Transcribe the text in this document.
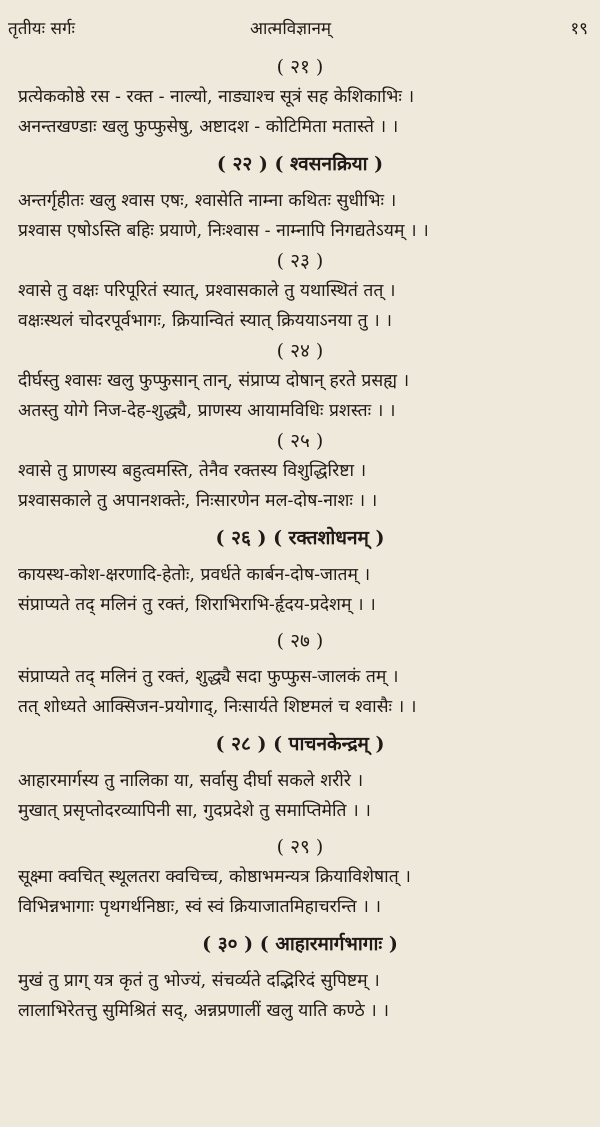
तृतीयः सर्गः	आत्मविज्ञानम्	१९
( २१ )
प्रत्येककोष्ठे रस - रक्त - नाल्यो, नाड्याश्च सूत्रं सह केशिकाभिः ।
अनन्तखण्डाः खलु फुप्फुसेषु, अष्टादश - कोटिमिता मतास्ते । ।
( २२ ) ( श्वसनक्रिया )
अन्तर्गृहीतः खलु श्वास एषः, श्वासेति नाम्ना कथितः सुधीभिः ।
प्रश्वास एषोऽस्ति बहिः प्रयाणे, निःश्वास - नाम्नापि निगद्यतेऽयम् । ।
( २३ )
श्वासे तु वक्षः परिपूरितं स्यात्, प्रश्वासकाले तु यथास्थितं तत् ।
वक्षःस्थलं चोदरपूर्वभागः, क्रियान्वितं स्यात् क्रियया‌ऽनया तु । ।
( २४ )
दीर्घस्तु श्वासः खलु फुप्फुसान् तान्, संप्राप्य दोषान् हरते प्रसह्य ।
अतस्तु योगे निज-देह-शुद्ध्यै, प्राणस्य आयामविधिः प्रशस्तः । ।
( २५ )
श्वासे तु प्राणस्य बहुत्वमस्ति, तेनैव रक्तस्य विशुद्धिरिष्टा ।
प्रश्वासकाले तु अपानशक्तेः, निःसारणेन मल-दोष-नाशः । ।
( २६ ) ( रक्तशोधनम् )
कायस्थ-कोश-क्षरणादि-हेतोः, प्रवर्धते कार्बन-दोष-जातम् ।
संप्राप्यते तद् मलिनं तु रक्तं, शिराभिराभि-र्हृदय-प्रदेशम् । ।
( २७ )
संप्राप्यते तद् मलिनं तु रक्तं, शुद्ध्यै सदा फुप्फुस-जालकं तम् ।
तत् शोध्यते आक्सिजन-प्रयोगाद्, निःसार्यते शिष्टमलं च श्वासैः । ।
( २८ ) ( पाचनकेन्द्रम् )
आहारमार्गस्य तु नालिका या, सर्वासु दीर्घा सकले शरीरे ।
मुखात् प्रसृप्तोदरव्यापिनी सा, गुदप्रदेशे तु समाप्तिमेति । ।
( २९ )
सूक्ष्मा क्वचित् स्थूलतरा क्वचिच्च, कोष्ठाभमन्यत्र क्रियाविशेषात् ।
विभिन्नभागाः पृथगर्थनिष्ठाः, स्वं स्वं क्रियाजातमिहाचरन्ति । ।
( ३० ) ( आहारमार्गभागाः )
मुखं तु प्राग् यत्र कृतं तु भोज्यं, संचर्व्यते दद्भिरिदं सुपिष्टम् ।
लालाभिरेतत्तु सुमिश्रितं सद्, अन्नप्रणालीं खलु याति कण्ठे । ।
